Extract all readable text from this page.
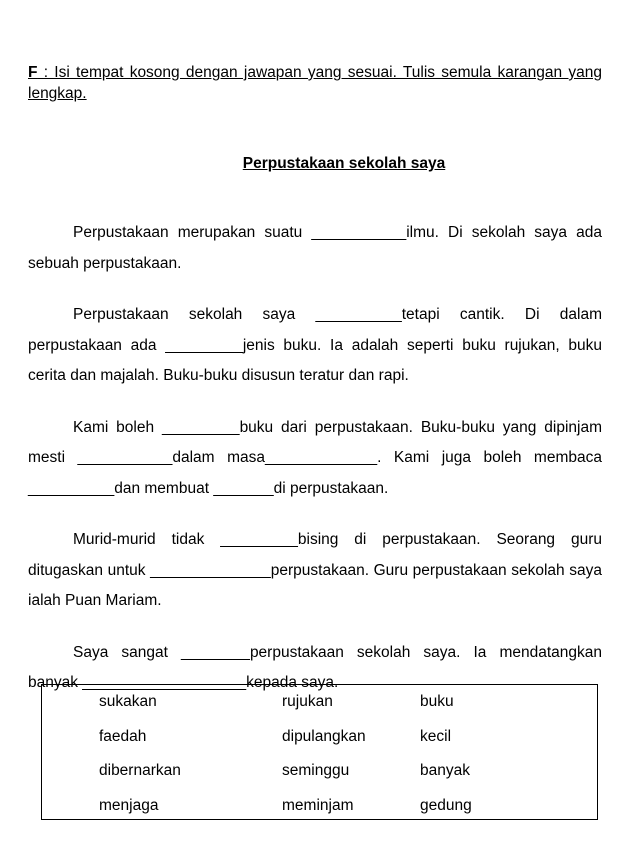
F : Isi tempat kosong dengan jawapan yang sesuai. Tulis semula karangan yang lengkap.
Perpustakaan sekolah saya

Perpustakaan merupakan suatu ___________ilmu. Di sekolah saya ada sebuah perpustakaan.

Perpustakaan sekolah saya __________tetapi cantik. Di dalam perpustakaan ada _________jenis buku. Ia adalah seperti buku rujukan, buku cerita dan majalah. Buku-buku disusun teratur dan rapi.

Kami boleh _________buku dari perpustakaan. Buku-buku yang dipinjam mesti ___________dalam masa_____________. Kami juga boleh membaca __________dan membuat _______di perpustakaan.

Murid-murid tidak _________bising di perpustakaan. Seorang guru ditugaskan untuk ______________perpustakaan. Guru perpustakaan sekolah saya ialah Puan Mariam.

Saya sangat ________perpustakaan sekolah saya. Ia mendatangkan banyak ___________________kepada saya.

sukakan	rujukan	buku
faedah	dipulangkan	kecil
dibernarkan	seminggu	banyak
menjaga	meminjam	gedung
